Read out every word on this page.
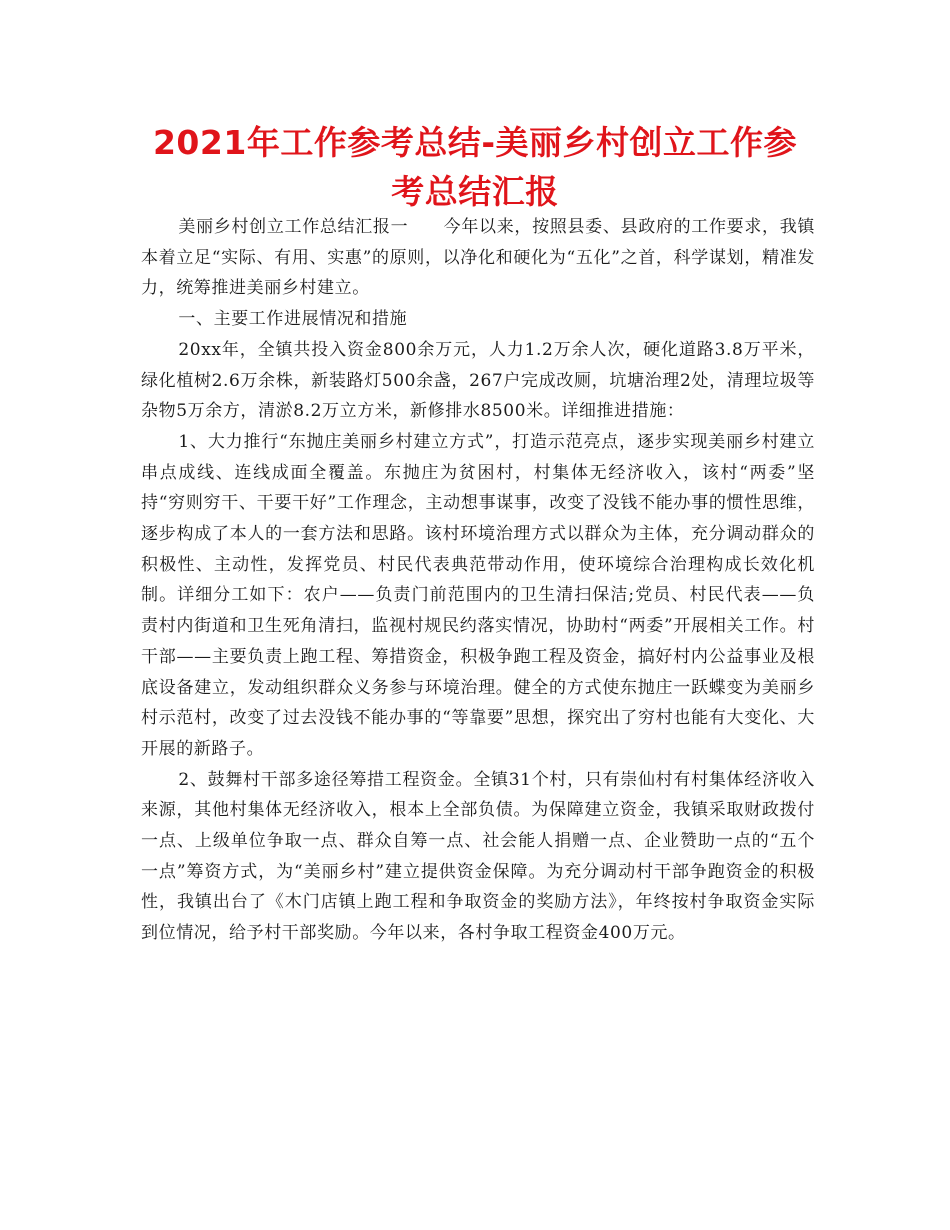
2021年工作参考总结-美丽乡村创立工作参考总结汇报

美丽乡村创立工作总结汇报一　　今年以来，按照县委、县政府的工作要求，我镇本着立足“实际、有用、实惠”的原则，以净化和硬化为“五化”之首，科学谋划，精准发力，统筹推进美丽乡村建立。

一、主要工作进展情况和措施

20xx年，全镇共投入资金800余万元，人力1.2万余人次，硬化道路3.8万平米，绿化植树2.6万余株，新装路灯500余盏，267户完成改厕，坑塘治理2处，清理垃圾等杂物5万余方，清淤8.2万立方米，新修排水8500米。详细推进措施：

1、大力推行“东抛庄美丽乡村建立方式”，打造示范亮点，逐步实现美丽乡村建立串点成线、连线成面全覆盖。东抛庄为贫困村，村集体无经济收入，该村“两委”坚持“穷则穷干、干要干好”工作理念，主动想事谋事，改变了没钱不能办事的惯性思维，逐步构成了本人的一套方法和思路。该村环境治理方式以群众为主体，充分调动群众的积极性、主动性，发挥党员、村民代表典范带动作用，使环境综合治理构成长效化机制。详细分工如下：农户——负责门前范围内的卫生清扫保洁;党员、村民代表——负责村内街道和卫生死角清扫，监视村规民约落实情况，协助村“两委”开展相关工作。村干部——主要负责上跑工程、筹措资金，积极争跑工程及资金，搞好村内公益事业及根底设备建立，发动组织群众义务参与环境治理。健全的方式使东抛庄一跃蝶变为美丽乡村示范村，改变了过去没钱不能办事的“等靠要”思想，探究出了穷村也能有大变化、大开展的新路子。

2、鼓舞村干部多途径筹措工程资金。全镇31个村，只有崇仙村有村集体经济收入来源，其他村集体无经济收入，根本上全部负债。为保障建立资金，我镇采取财政拨付一点、上级单位争取一点、群众自筹一点、社会能人捐赠一点、企业赞助一点的“五个一点”筹资方式，为“美丽乡村”建立提供资金保障。为充分调动村干部争跑资金的积极性，我镇出台了《木门店镇上跑工程和争取资金的奖励方法》，年终按村争取资金实际到位情况，给予村干部奖励。今年以来，各村争取工程资金400万元。
